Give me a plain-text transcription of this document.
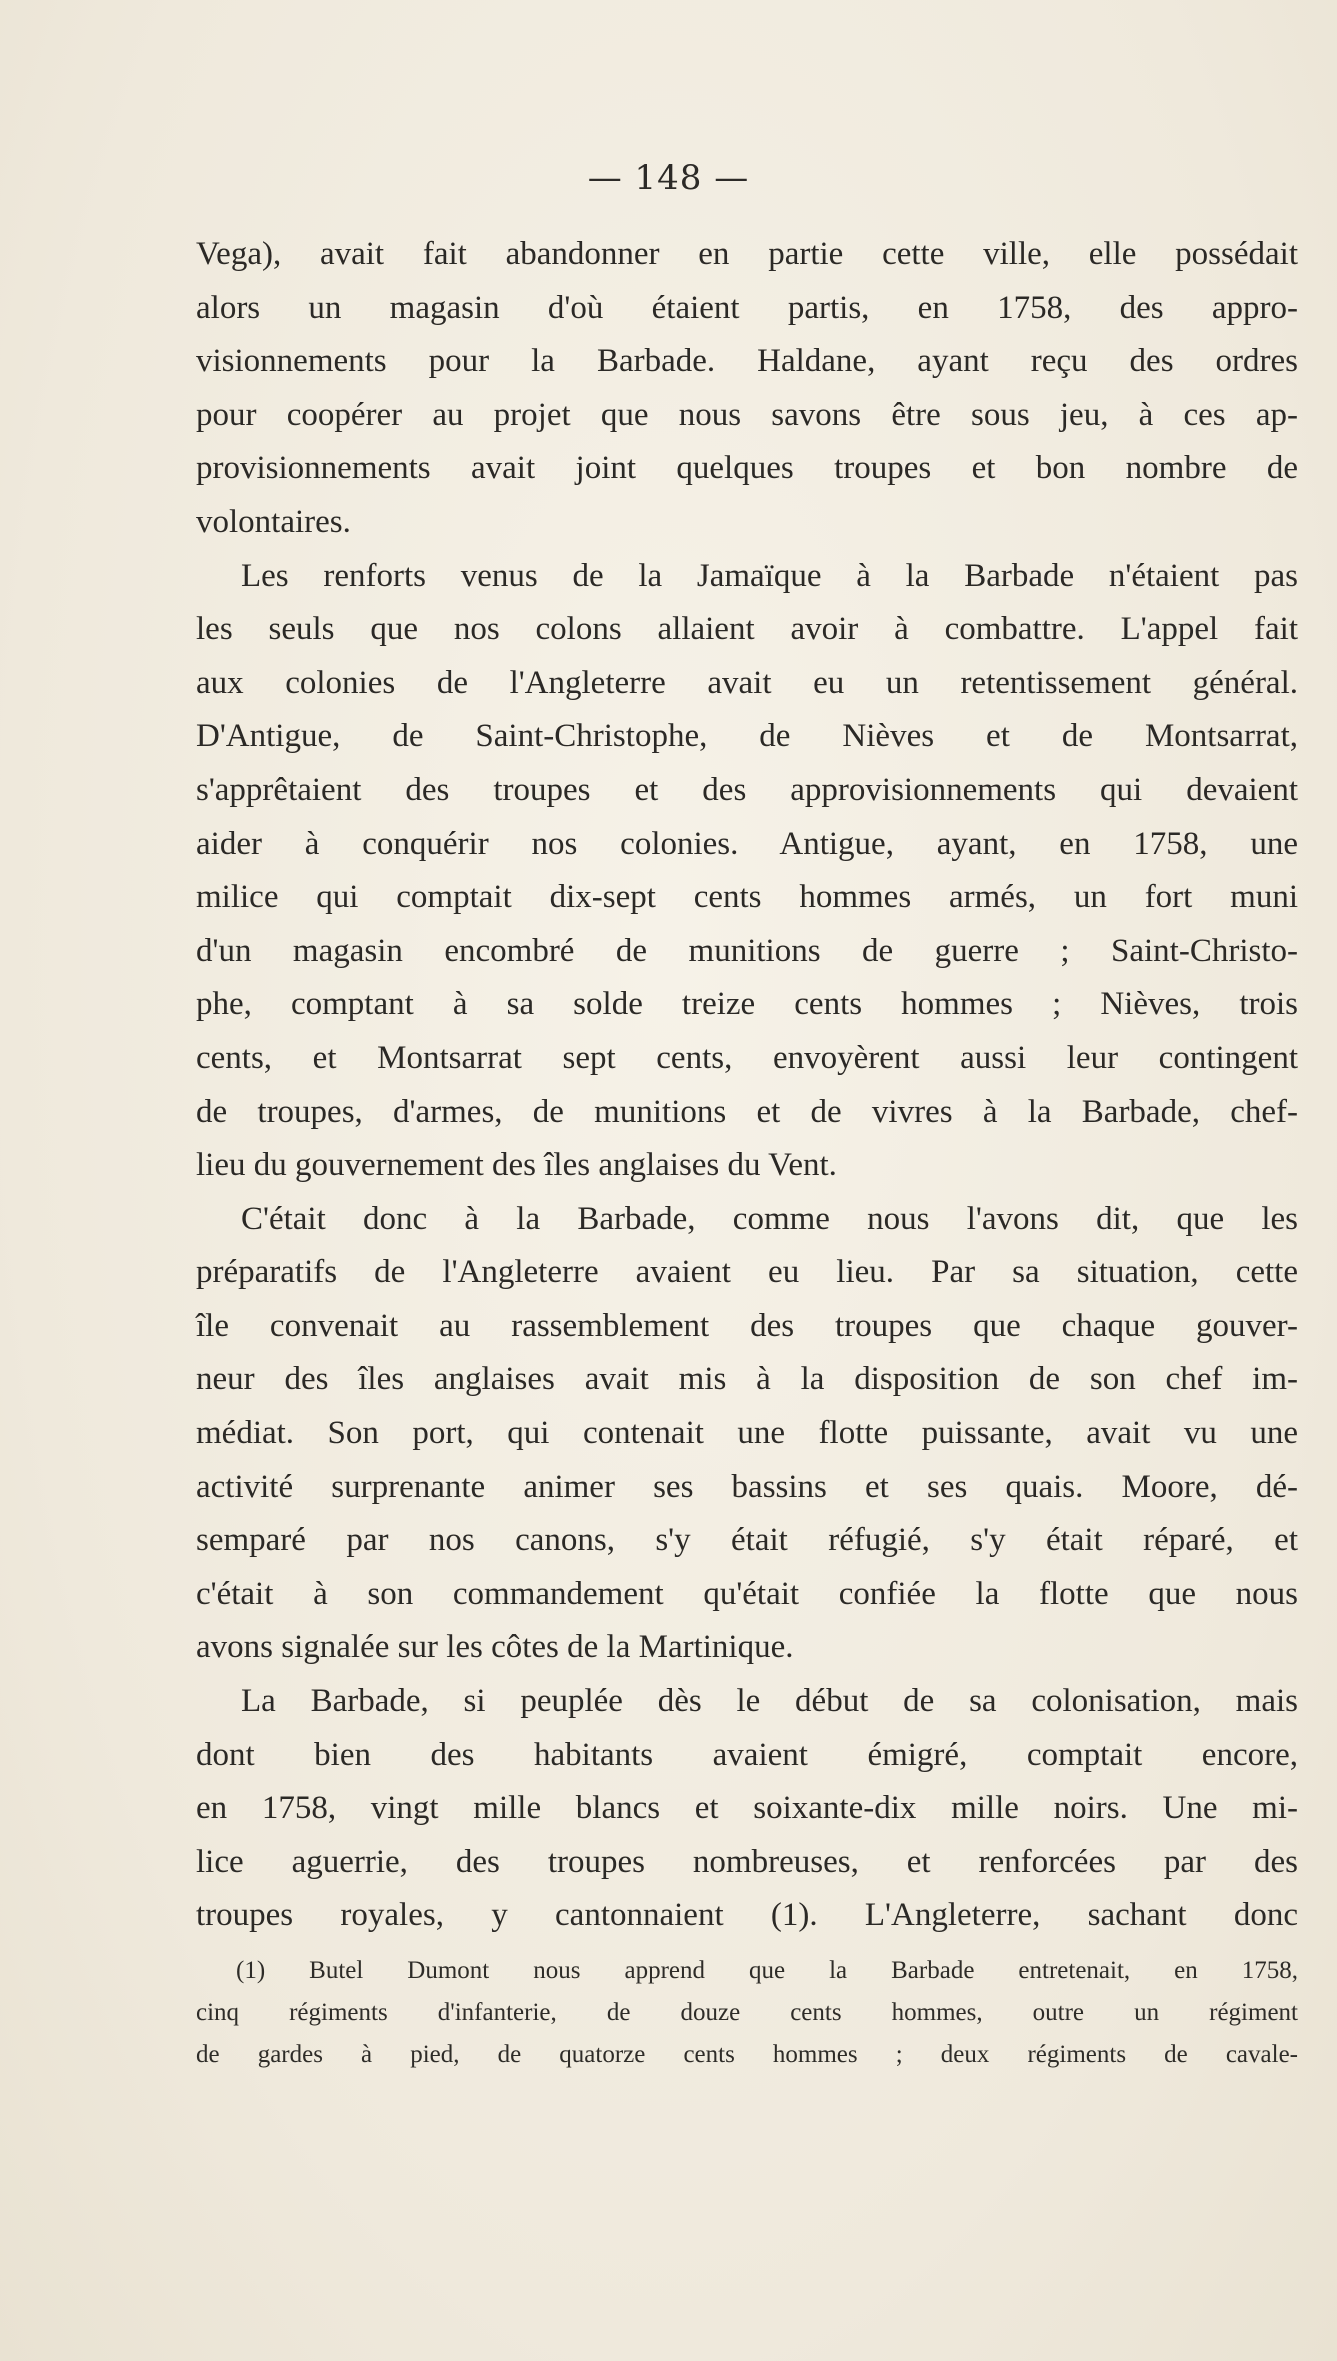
— 148 —
Vega), avait fait abandonner en partie cette ville, elle possédait
alors un magasin d'où étaient partis, en 1758, des appro-
visionnements pour la Barbade. Haldane, ayant reçu des ordres
pour coopérer au projet que nous savons être sous jeu, à ces ap-
provisionnements avait joint quelques troupes et bon nombre de
volontaires.
Les renforts venus de la Jamaïque à la Barbade n'étaient pas
les seuls que nos colons allaient avoir à combattre. L'appel fait
aux colonies de l'Angleterre avait eu un retentissement général.
D'Antigue, de Saint-Christophe, de Nièves et de Montsarrat,
s'apprêtaient des troupes et des approvisionnements qui devaient
aider à conquérir nos colonies. Antigue, ayant, en 1758, une
milice qui comptait dix-sept cents hommes armés, un fort muni
d'un magasin encombré de munitions de guerre ; Saint-Christo-
phe, comptant à sa solde treize cents hommes ; Nièves, trois
cents, et Montsarrat sept cents, envoyèrent aussi leur contingent
de troupes, d'armes, de munitions et de vivres à la Barbade, chef-
lieu du gouvernement des îles anglaises du Vent.
C'était donc à la Barbade, comme nous l'avons dit, que les
préparatifs de l'Angleterre avaient eu lieu. Par sa situation, cette
île convenait au rassemblement des troupes que chaque gouver-
neur des îles anglaises avait mis à la disposition de son chef im-
médiat. Son port, qui contenait une flotte puissante, avait vu une
activité surprenante animer ses bassins et ses quais. Moore, dé-
semparé par nos canons, s'y était réfugié, s'y était réparé, et
c'était à son commandement qu'était confiée la flotte que nous
avons signalée sur les côtes de la Martinique.
La Barbade, si peuplée dès le début de sa colonisation, mais
dont bien des habitants avaient émigré, comptait encore,
en 1758, vingt mille blancs et soixante-dix mille noirs. Une mi-
lice aguerrie, des troupes nombreuses, et renforcées par des
troupes royales, y cantonnaient (1). L'Angleterre, sachant donc
(1) Butel Dumont nous apprend que la Barbade entretenait, en 1758,
cinq régiments d'infanterie, de douze cents hommes, outre un régiment
de gardes à pied, de quatorze cents hommes ; deux régiments de cavale-
